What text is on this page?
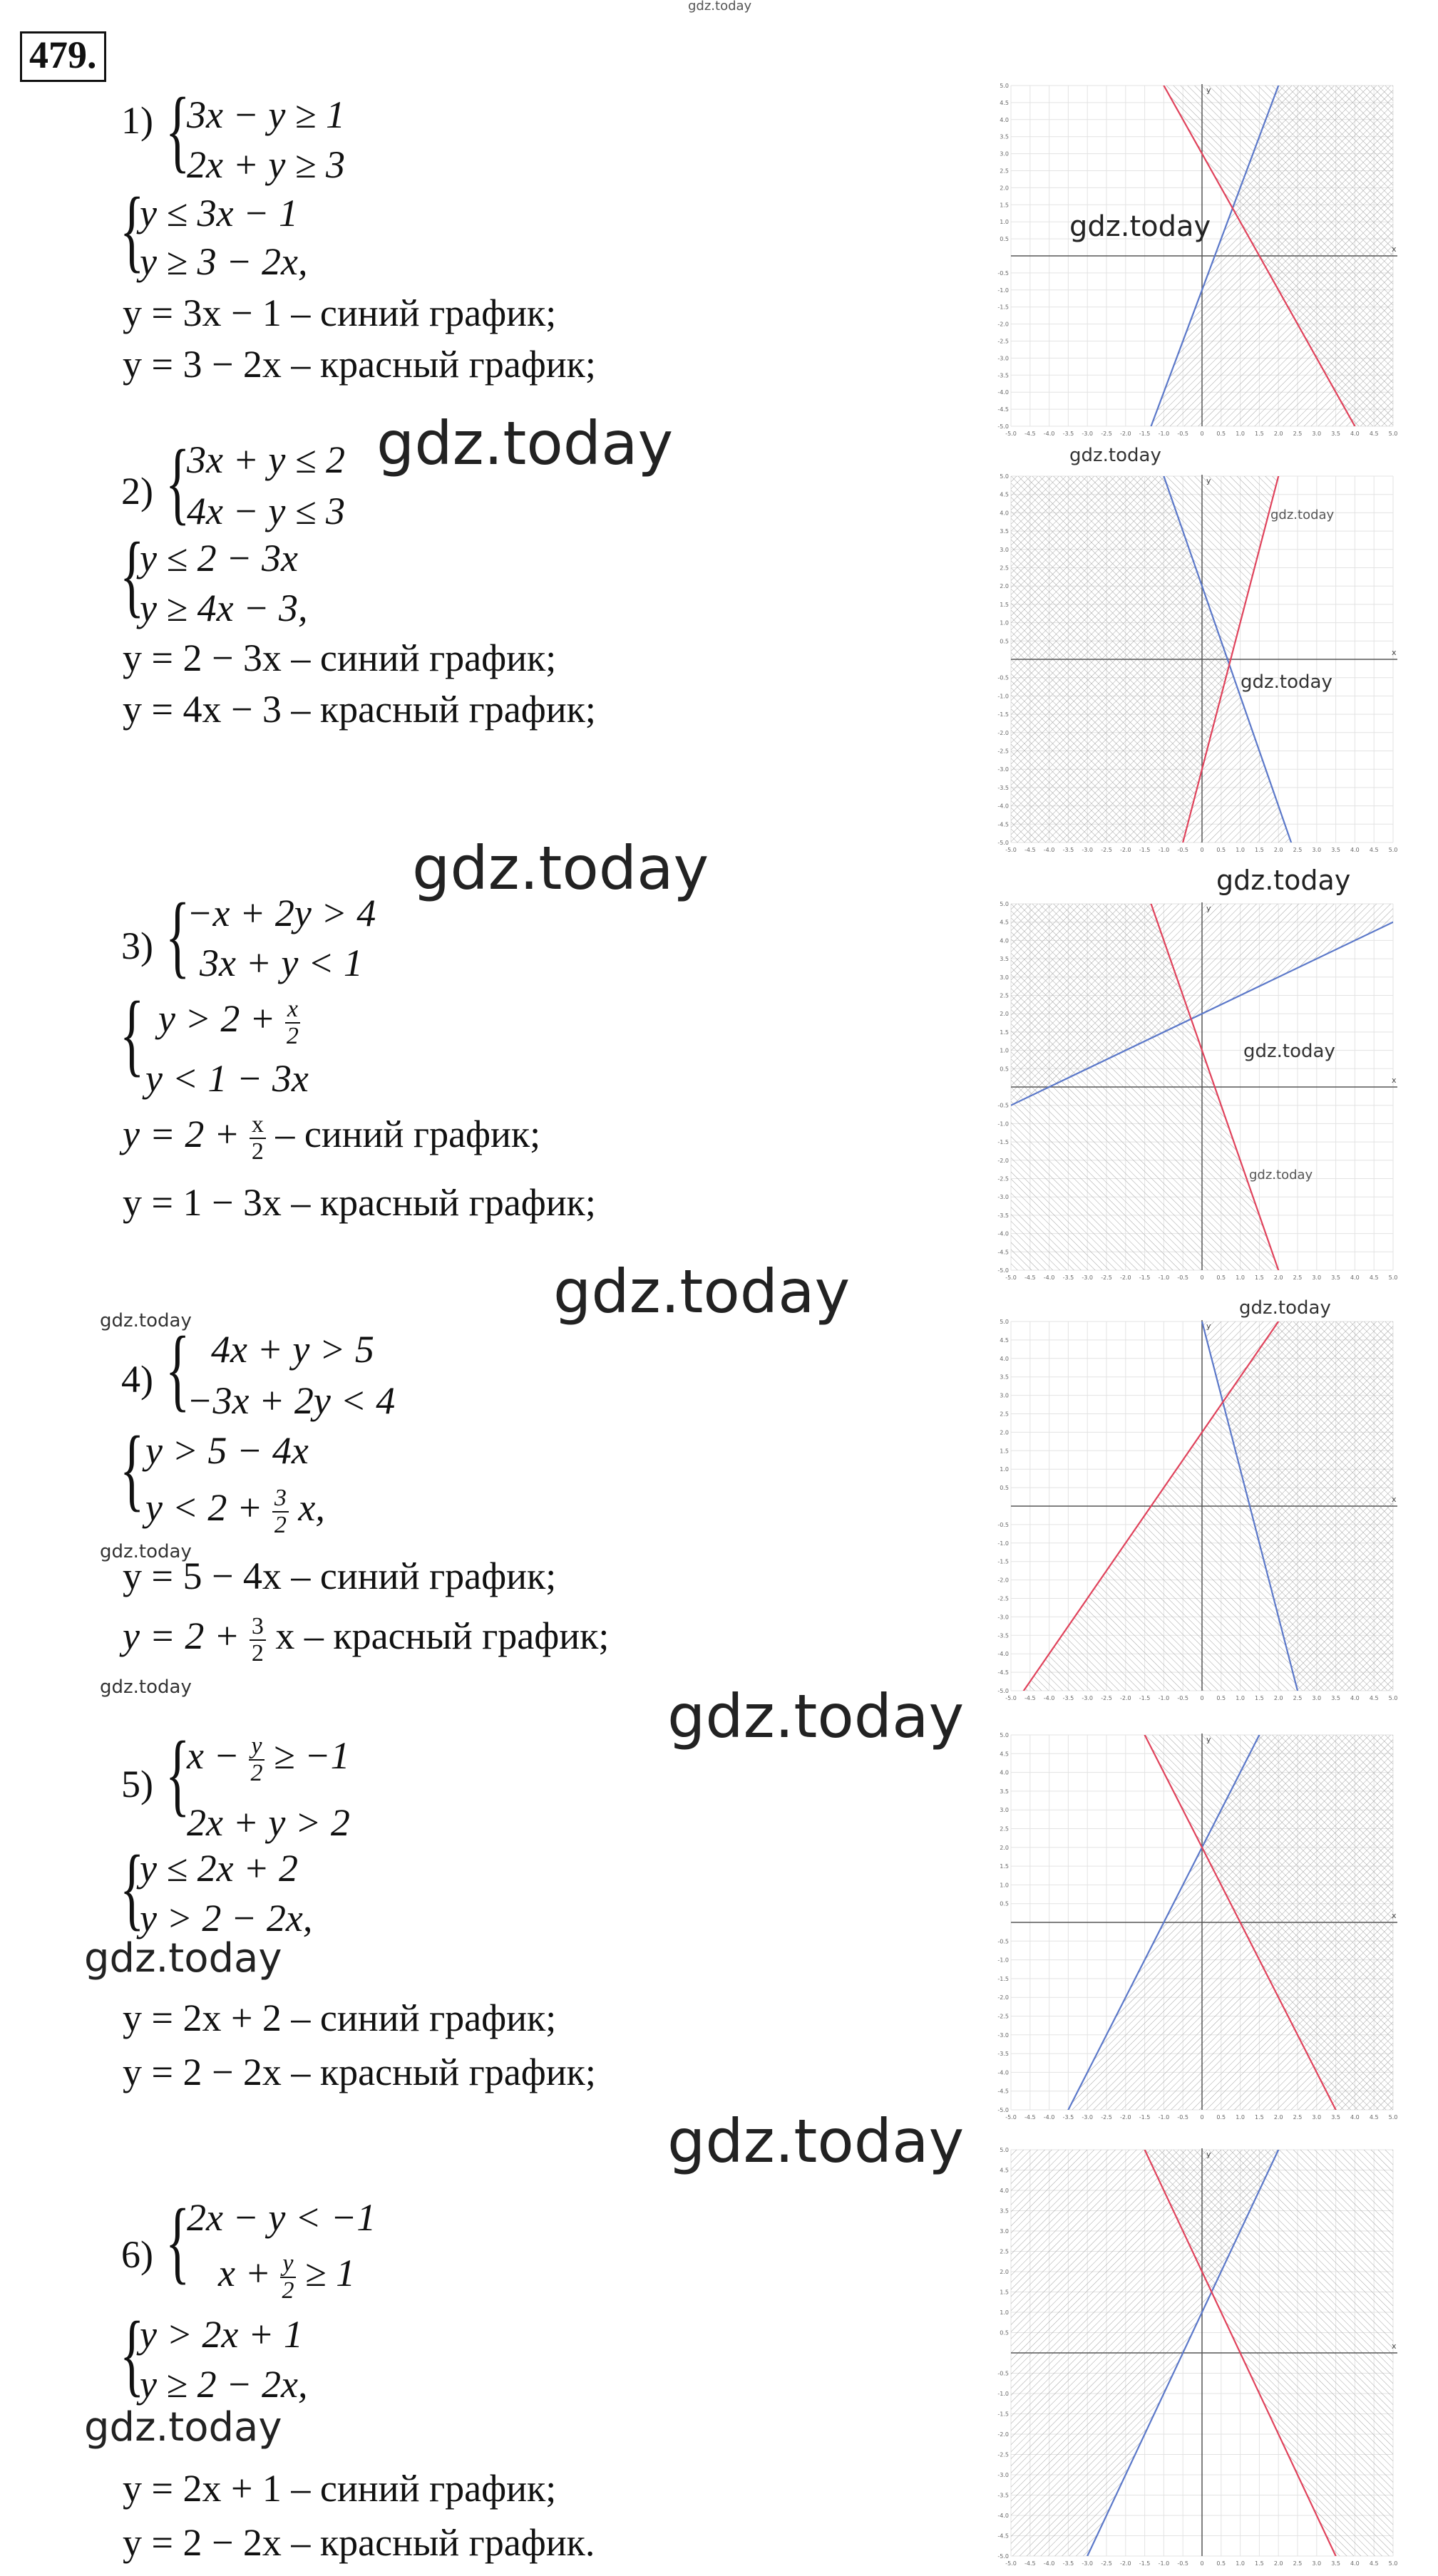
gdz.today
479.
1) {
3x − y ≥ 1
2x + y ≥ 3
{
y ≤ 3x − 1
y ≥ 3 − 2x,
y = 3x − 1 – синий график;
y = 3 − 2x – красный график;
2) {
3x + y ≤ 2
4x − y ≤ 3
{
y ≤ 2 − 3x
y ≥ 4x − 3,
y = 2 − 3x – синий график;
y = 4x − 3 – красный график;
3) {
−x + 2y > 4
3x + y < 1
{ $y > 2 + \frac{x}{2}$
y < 1 − 3x
$y = 2 + \frac{x}{2}$ – синий график;
y = 1 − 3x – красный график;
4) { 4x + y > 5
−3x + 2y < 4
{ y > 5 − 4x
$y < 2 + \frac{3}{2} x$,
y = 5 − 4x – синий график;
$y = 2 + \frac{3}{2}$ x – красный график;
5) {
$x - \frac{y}{2} \ge -1$
2x + y > 2
{
y ≤ 2x + 2
y > 2 − 2x,
y = 2x + 2 – синий график;
y = 2 − 2x – красный график;
6) {
2x − y < −1
$x + \frac{y}{2} \ge 1$
{
y > 2x + 1
y ≥ 2 − 2x,
y = 2x + 1 – синий график;
y = 2 − 2x – красный график.
gdz.today
gdz.today
gdz.today
gdz.today
gdz.today
gdz.today
gdz.today
gdz.today
gdz.today
gdz.today
x
y
-5.0
-5.0
-4.5
-4.5
-4.0
-4.0
-3.5
-3.5
-3.0
-3.0
-2.5
-2.5
-2.0
-2.0
-1.5
-1.5
-1.0
-1.0
-0.5
-0.5
0 0.5
0.5
1.0
1.0
1.5
1.5
2.0
2.0
2.5
2.5
3.0
3.0
3.5
3.5
4.0
4.0
4.5
4.5
5.0
5.0
x
y
-5.0
-5.0
-4.5
-4.5
-4.0
-4.0
-3.5
-3.5
-3.0
-3.0
-2.5
-2.5
-2.0
-2.0
-1.5
-1.5
-1.0
-1.0
-0.5
-0.5
0 0.5
0.5
1.0
1.0
1.5
1.5
2.0
2.0
2.5
2.5
3.0
3.0
3.5
3.5
4.0
4.0
4.5
4.5
5.0
5.0
x
y
-5.0
-5.0
-4.5
-4.5
-4.0
-4.0
-3.5
-3.5
-3.0
-3.0
-2.5
-2.5
-2.0
-2.0
-1.5
-1.5
-1.0
-1.0
-0.5
-0.5
0 0.5
0.5
1.0
1.0
1.5
1.5
2.0
2.0
2.5
2.5
3.0
3.0
3.5
3.5
4.0
4.0
4.5
4.5
5.0
5.0
x
y
-5.0
-5.0
-4.5
-4.5
-4.0
-4.0
-3.5
-3.5
-3.0
-3.0
-2.5
-2.5
-2.0
-2.0
-1.5
-1.5
-1.0
-1.0
-0.5
-0.5
0 0.5
0.5
1.0
1.0
1.5
1.5
2.0
2.0
2.5
2.5
3.0
3.0
3.5
3.5
4.0
4.0
4.5
4.5
5.0
5.0
x
y
-5.0
-5.0
-4.5
-4.5
-4.0
-4.0
-3.5
-3.5
-3.0
-3.0
-2.5
-2.5
-2.0
-2.0
-1.5
-1.5
-1.0
-1.0
-0.5
-0.5
0 0.5
0.5
1.0
1.0
1.5
1.5
2.0
2.0
2.5
2.5
3.0
3.0
3.5
3.5
4.0
4.0
4.5
4.5
5.0
5.0
x
y
-5.0
-5.0
-4.5
-4.5
-4.0
-4.0
-3.5
-3.5
-3.0
-3.0
-2.5
-2.5
-2.0
-2.0
-1.5
-1.5
-1.0
-1.0
-0.5
-0.5
0 0.5
0.5
1.0
1.0
1.5
1.5
2.0
2.0
2.5
2.5
3.0
3.0
3.5
3.5
4.0
4.0
4.5
4.5
5.0
5.0
gdz.today
gdz.today
gdz.today
gdz.today
gdz.today
gdz.today
gdz.today
gdz.today
